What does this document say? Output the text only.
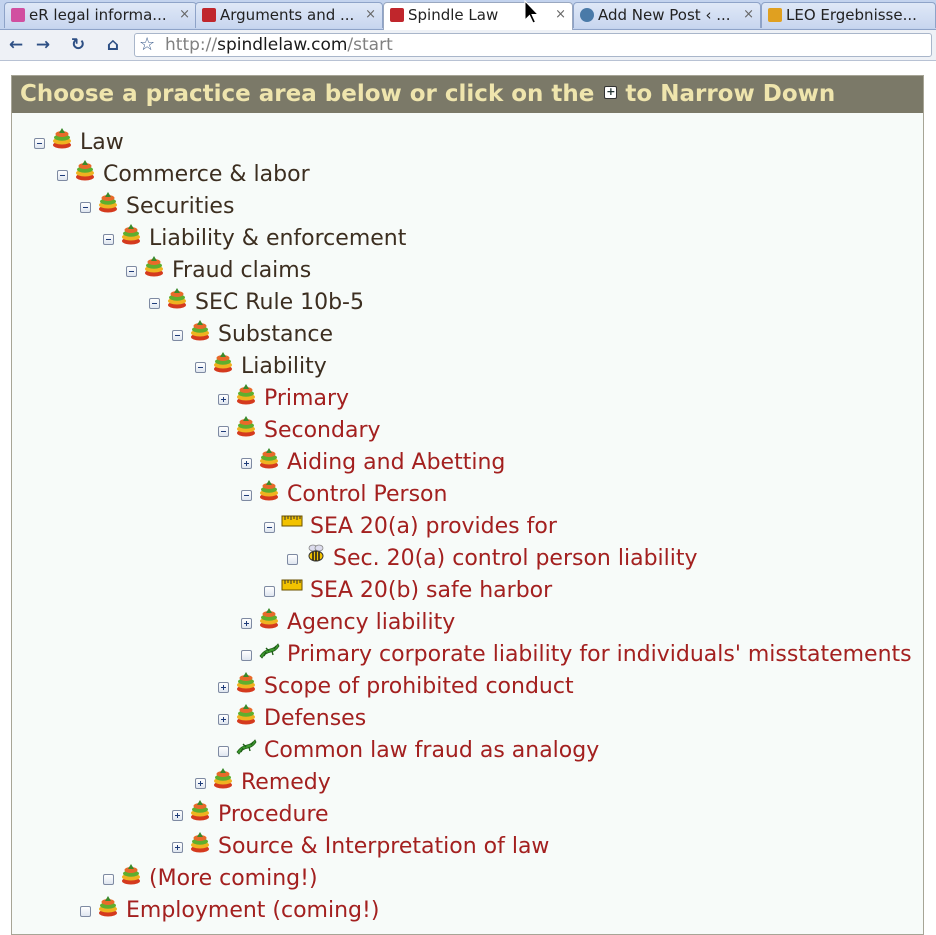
eR legal informa... × Arguments and ... × Spindle Law	× Add New Post ‹ ... × LEO Ergebnisse...
← → ↻	⌂	☆ http://spindlelaw.com/start
Choose a practice area below or click on the + to Narrow Down
Law
Commerce & labor
Securities
Liability & enforcement
Fraud claims
SEC Rule 10b-5
Substance
Liability
Primary
Secondary
Aiding and Abetting
Control Person
SEA 20(a) provides for
Sec. 20(a) control person liability
SEA 20(b) safe harbor
Agency liability
Primary corporate liability for individuals' misstatements
Scope of prohibited conduct
Defenses
Common law fraud as analogy
Remedy
Procedure
Source & Interpretation of law
(More coming!)
Employment (coming!)
